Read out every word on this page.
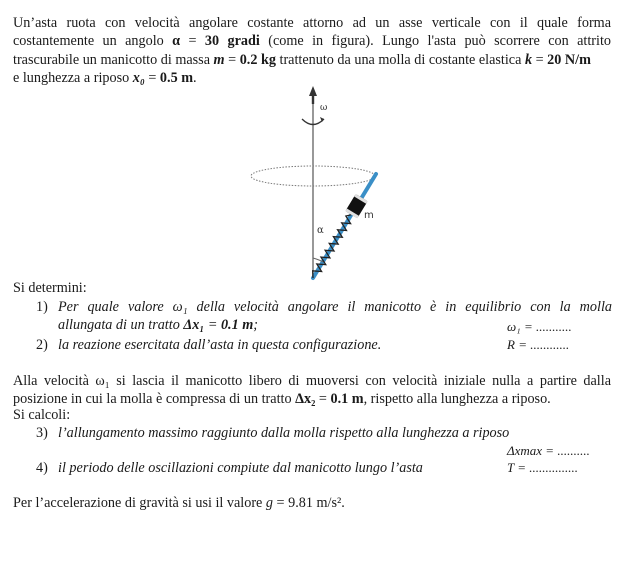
Un’asta ruota con velocità angolare costante attorno ad un asse verticale con il quale forma
costantemente un angolo α = 30 gradi (come in figura). Lungo l'asta può scorrere con attrito
trascurabile un manicotto di massa m = 0.2 kg trattenuto da una molla di costante elastica k = 20 N/m
e lunghezza a riposo x₀ = 0.5 m.
ω
α
m
Si determini:
1) Per quale valore ω₁ della velocità angolare il manicotto è in equilibrio con la molla
allungata di un tratto Δx₁ = 0.1 m;	ω₁ = ...........
2) la reazione esercitata dall’asta in questa configurazione.	R = ............
Alla velocità ω₁ si lascia il manicotto libero di muoversi con velocità iniziale nulla a partire dalla
posizione in cui la molla è compressa di un tratto Δx₂ = 0.1 m, rispetto alla lunghezza a riposo.
Si calcoli:
3) l’allungamento massimo raggiunto dalla molla rispetto alla lunghezza a riposo
Δxmax = ..........
4) il periodo delle oscillazioni compiute dal manicotto lungo l’asta	T = ...............
Per l’accelerazione di gravità si usi il valore g = 9.81 m/s².
